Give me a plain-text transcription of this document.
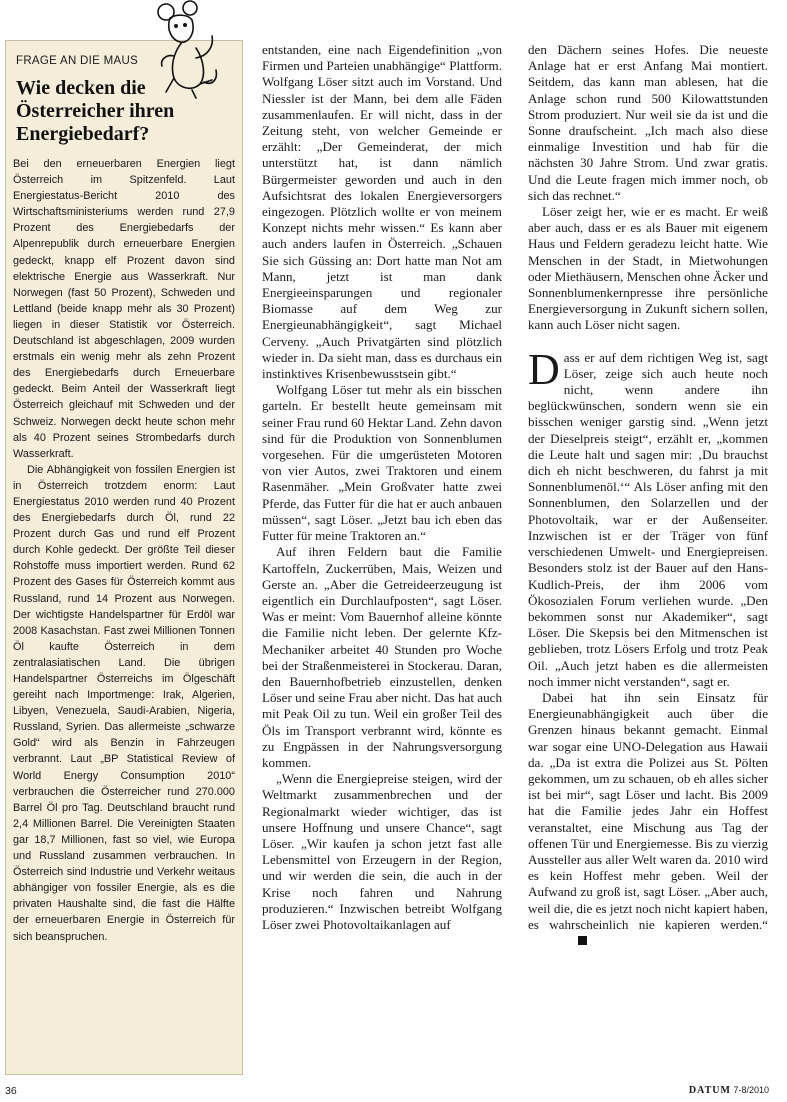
FRAGE AN DIE MAUS
Wie decken die Österreicher ihren Energiebedarf?

Bei den erneuerbaren Energien liegt Österreich im Spitzenfeld. Laut Energiestatus-Bericht 2010 des Wirtschaftsministeriums werden rund 27,9 Prozent des Energiebedarfs der Alpenrepublik durch erneuerbare Energien gedeckt, knapp elf Prozent davon sind elektrische Energie aus Wasserkraft. Nur Norwegen (fast 50 Prozent), Schweden und Lettland (beide knapp mehr als 30 Prozent) liegen in dieser Statistik vor Österreich. Deutschland ist abgeschlagen, 2009 wurden erstmals ein wenig mehr als zehn Prozent des Energiebedarfs durch Erneuerbare gedeckt. Beim Anteil der Wasserkraft liegt Österreich gleichauf mit Schweden und der Schweiz. Norwegen deckt heute schon mehr als 40 Prozent seines Strombedarfs durch Wasserkraft.

Die Abhängigkeit von fossilen Energien ist in Österreich trotzdem enorm: Laut Energiestatus 2010 werden rund 40 Prozent des Energiebedarfs durch Öl, rund 22 Prozent durch Gas und rund elf Prozent durch Kohle gedeckt. Der größte Teil dieser Rohstoffe muss importiert werden. Rund 62 Prozent des Gases für Österreich kommt aus Russland, rund 14 Prozent aus Norwegen. Der wichtigste Handelspartner für Erdöl war 2008 Kasachstan. Fast zwei Millionen Tonnen Öl kaufte Österreich in dem zentralasiatischen Land. Die übrigen Handelspartner Österreichs im Ölgeschäft gereiht nach Importmenge: Irak, Algerien, Libyen, Venezuela, Saudi-Arabien, Nigeria, Russland, Syrien. Das allermeiste „schwarze Gold“ wird als Benzin in Fahrzeugen verbrannt. Laut „BP Statistical Review of World Energy Consumption 2010“ verbrauchen die Österreicher rund 270.000 Barrel Öl pro Tag. Deutschland braucht rund 2,4 Millionen Barrel. Die Vereinigten Staaten gar 18,7 Millionen, fast so viel, wie Europa und Russland zusammen verbrauchen. In Österreich sind Industrie und Verkehr weitaus abhängiger von fossiler Energie, als es die privaten Haushalte sind, die fast die Hälfte der erneuerbaren Energie in Österreich für sich beanspruchen.

entstanden, eine nach Eigendefinition „von Firmen und Parteien unabhängige“ Plattform. Wolfgang Löser sitzt auch im Vorstand. Und Niessler ist der Mann, bei dem alle Fäden zusammenlaufen. Er will nicht, dass in der Zeitung steht, von welcher Gemeinde er erzählt: „Der Gemeinderat, der mich unterstützt hat, ist dann nämlich Bürgermeister geworden und auch in den Aufsichtsrat des lokalen Energieversorgers eingezogen. Plötzlich wollte er von meinem Konzept nichts mehr wissen.“ Es kann aber auch anders laufen in Österreich. „Schauen Sie sich Güssing an: Dort hatte man Not am Mann, jetzt ist man dank Energieeinsparungen und regionaler Biomasse auf dem Weg zur Energieunabhängigkeit“, sagt Michael Cerveny. „Auch Privatgärten sind plötzlich wieder in. Da sieht man, dass es durchaus ein instinktives Krisenbewusstsein gibt.“

Wolfgang Löser tut mehr als ein bisschen garteln. Er bestellt heute gemeinsam mit seiner Frau rund 60 Hektar Land. Zehn davon sind für die Produktion von Sonnenblumen vorgesehen. Für die umgerüsteten Motoren von vier Autos, zwei Traktoren und einem Rasenmäher. „Mein Großvater hatte zwei Pferde, das Futter für die hat er auch anbauen müssen“, sagt Löser. „Jetzt bau ich eben das Futter für meine Traktoren an.“

Auf ihren Feldern baut die Familie Kartoffeln, Zuckerrüben, Mais, Weizen und Gerste an. „Aber die Getreideerzeugung ist eigentlich ein Durchlaufposten“, sagt Löser. Was er meint: Vom Bauernhof alleine könnte die Familie nicht leben. Der gelernte Kfz-Mechaniker arbeitet 40 Stunden pro Woche bei der Straßenmeisterei in Stockerau. Daran, den Bauernhofbetrieb einzustellen, denken Löser und seine Frau aber nicht. Das hat auch mit Peak Oil zu tun. Weil ein großer Teil des Öls im Transport verbrannt wird, könnte es zu Engpässen in der Nahrungsversorgung kommen.

„Wenn die Energiepreise steigen, wird der Weltmarkt zusammenbrechen und der Regionalmarkt wieder wichtiger, das ist unsere Hoffnung und unsere Chance“, sagt Löser. „Wir kaufen ja schon jetzt fast alle Lebensmittel von Erzeugern in der Region, und wir werden die sein, die auch in der Krise noch fahren und Nahrung produzieren.“ Inzwischen betreibt Wolfgang Löser zwei Photovoltaikanlagen auf

den Dächern seines Hofes. Die neueste Anlage hat er erst Anfang Mai montiert. Seitdem, das kann man ablesen, hat die Anlage schon rund 500 Kilowattstunden Strom produziert. Nur weil sie da ist und die Sonne draufscheint. „Ich mach also diese einmalige Investition und hab für die nächsten 30 Jahre Strom. Und zwar gratis. Und die Leute fragen mich immer noch, ob sich das rechnet.“

Löser zeigt her, wie er es macht. Er weiß aber auch, dass er es als Bauer mit eigenem Haus und Feldern geradezu leicht hatte. Wie Menschen in der Stadt, in Mietwohungen oder Miethäusern, Menschen ohne Äcker und Sonnenblumenkernpresse ihre persönliche Energieversorgung in Zukunft sichern sollen, kann auch Löser nicht sagen.

Dass er auf dem richtigen Weg ist, sagt Löser, zeige sich auch heute noch nicht, wenn andere ihn beglückwünschen, sondern wenn sie ein bisschen weniger garstig sind. „Wenn jetzt der Dieselpreis steigt“, erzählt er, „kommen die Leute halt und sagen mir: ‚Du brauchst dich eh nicht beschweren, du fahrst ja mit Sonnenblumenöl.‘“ Als Löser anfing mit den Sonnenblumen, den Solarzellen und der Photovoltaik, war er der Außenseiter. Inzwischen ist er der Träger von fünf verschiedenen Umwelt- und Energiepreisen. Besonders stolz ist der Bauer auf den Hans-Kudlich-Preis, der ihm 2006 vom Ökosozialen Forum verliehen wurde. „Den bekommen sonst nur Akademiker“, sagt Löser. Die Skepsis bei den Mitmenschen ist geblieben, trotz Lösers Erfolg und trotz Peak Oil. „Auch jetzt haben es die allermeisten noch immer nicht verstanden“, sagt er.

Dabei hat ihn sein Einsatz für Energieunabhängigkeit auch über die Grenzen hinaus bekannt gemacht. Einmal war sogar eine UNO-Delegation aus Hawaii da. „Da ist extra die Polizei aus St. Pölten gekommen, um zu schauen, ob eh alles sicher ist bei mir“, sagt Löser und lacht. Bis 2009 hat die Familie jedes Jahr ein Hoffest veranstaltet, eine Mischung aus Tag der offenen Tür und Energiemesse. Bis zu vierzig Aussteller aus aller Welt waren da. 2010 wird es kein Hoffest mehr geben. Weil der Aufwand zu groß ist, sagt Löser. „Aber auch, weil die, die es jetzt noch nicht kapiert haben, es wahrscheinlich nie kapieren werden.“

36	DATUM 7-8/2010
